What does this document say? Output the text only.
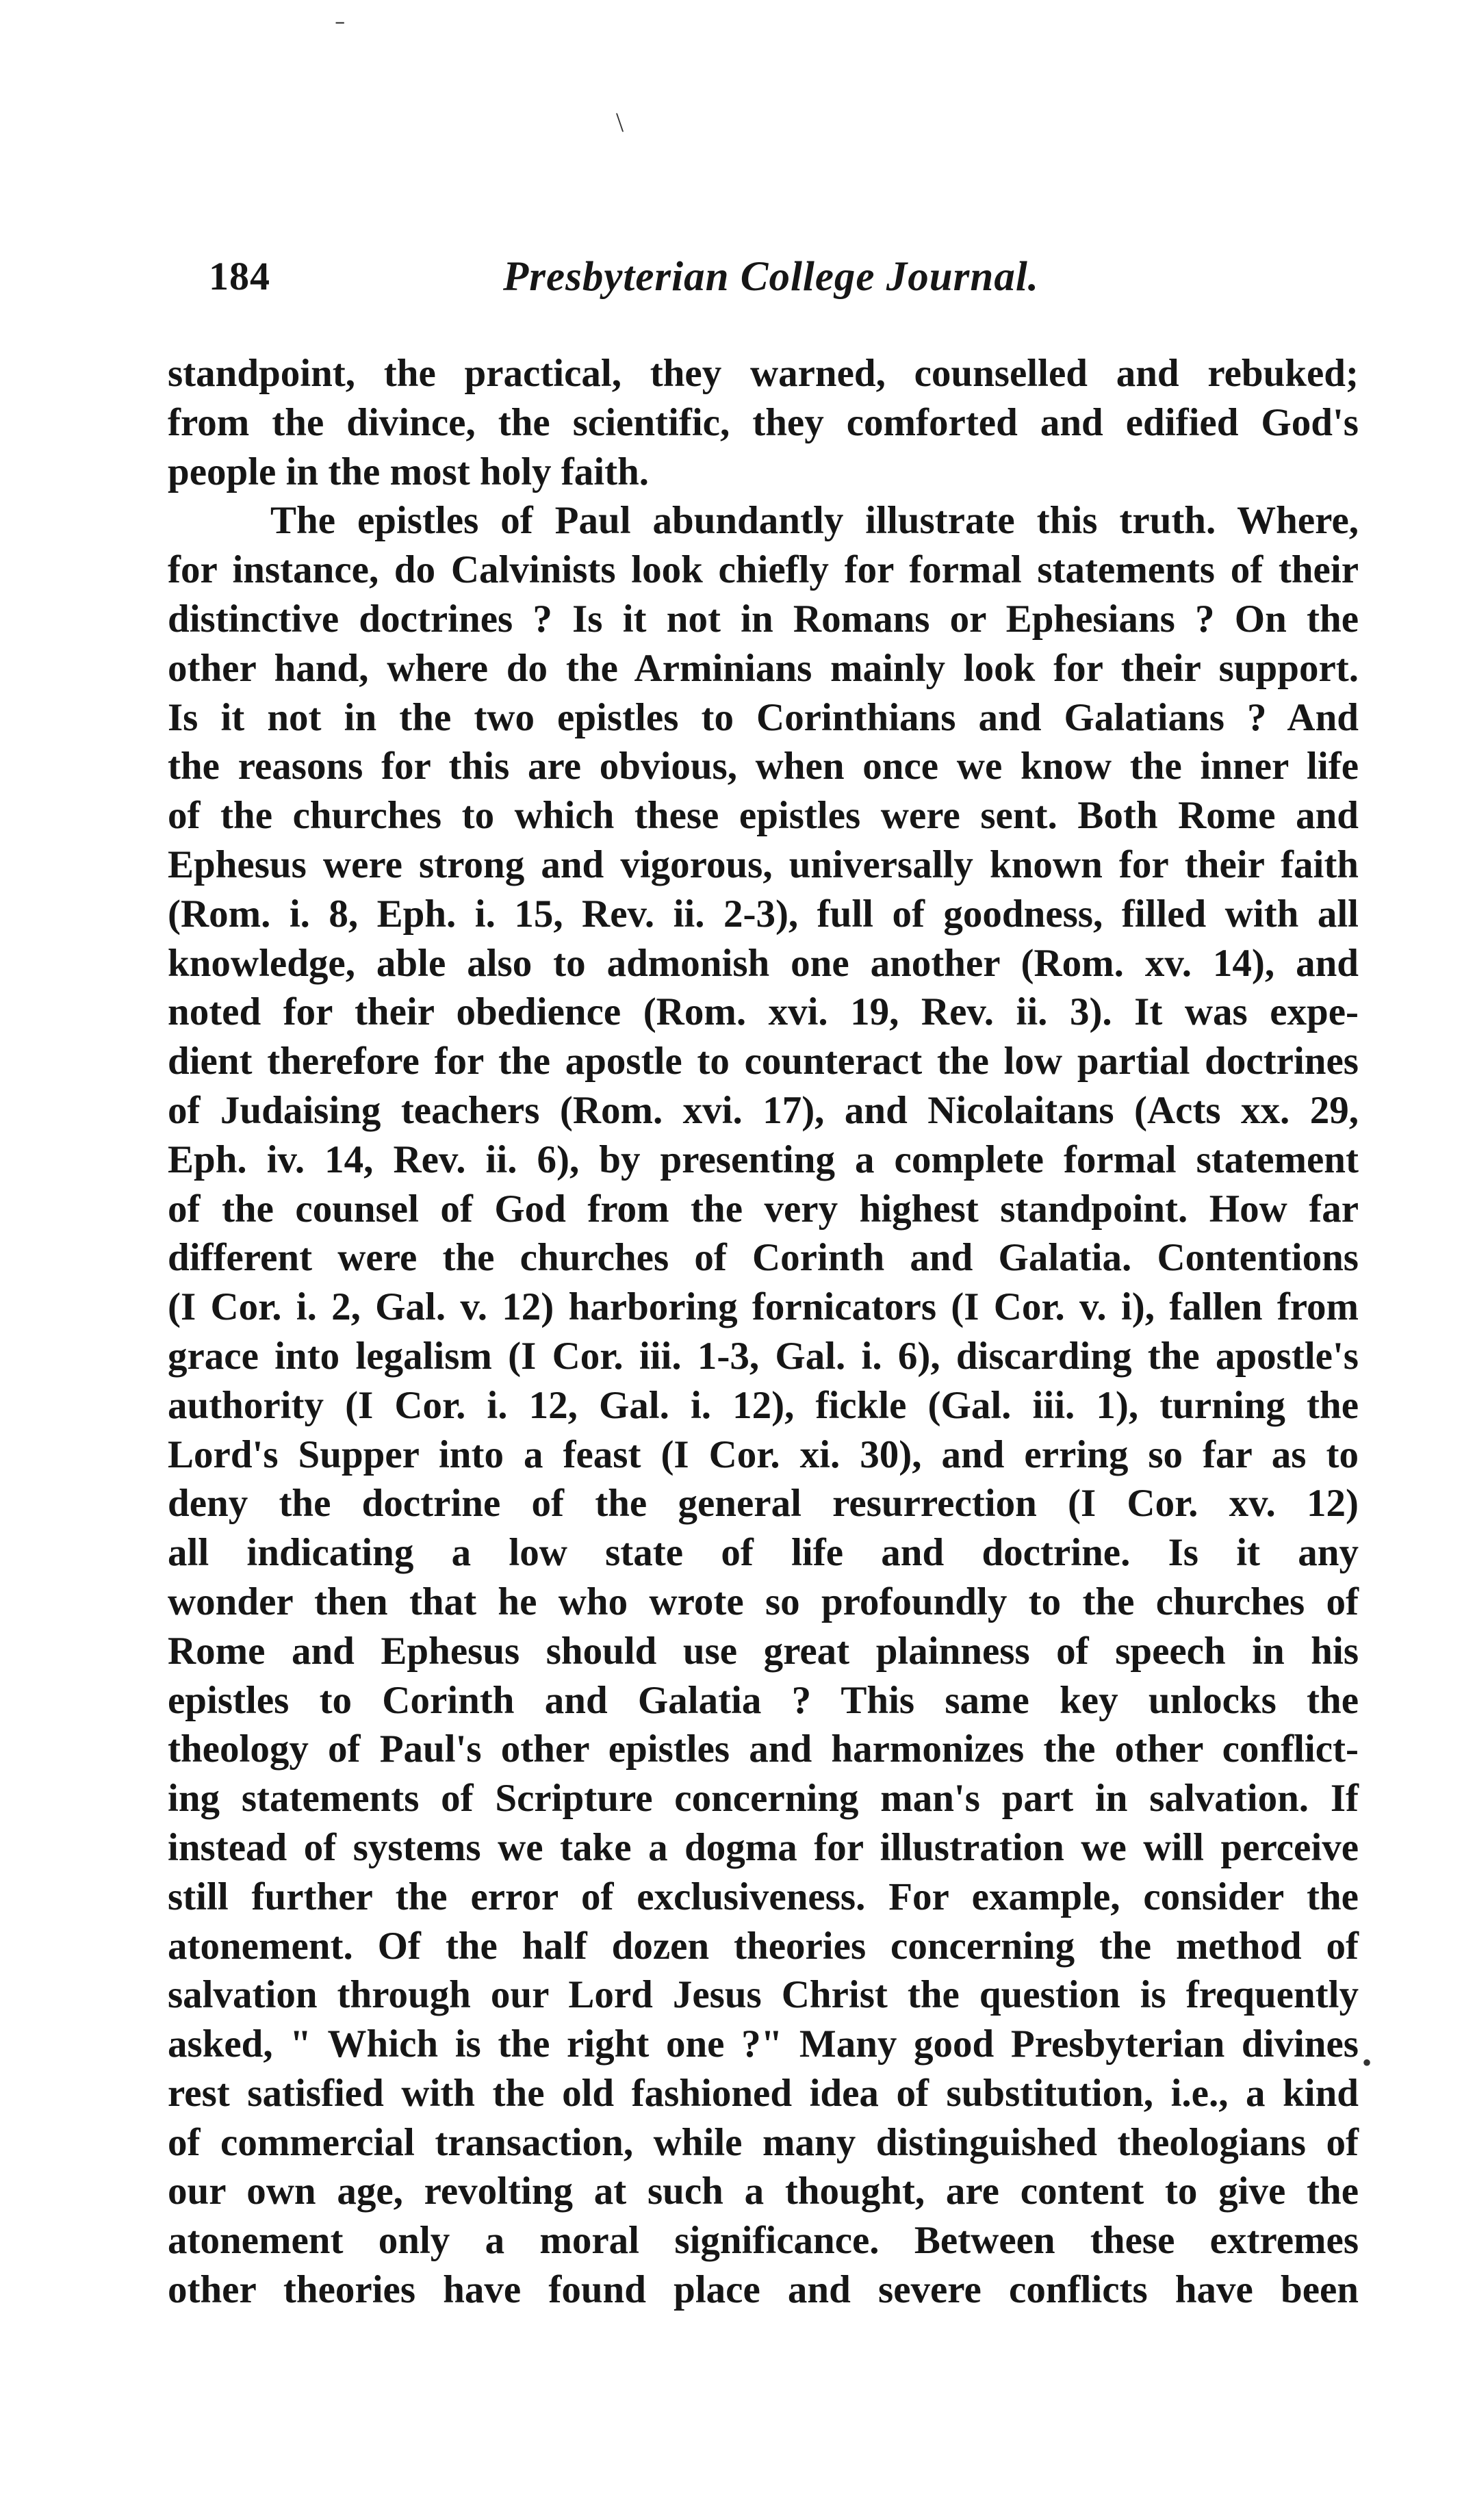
ˉ
\
•
184	Presbyterian College Journal.
standpoint, the practical, they warned, counselled and rebuked;
from the divince, the scientific, they comforted and edified God's
people in the most holy faith.
The epistles of Paul abundantly illustrate this truth. Where,
for instance, do Calvinists look chiefly for formal statements of their
distinctive doctrines ? Is it not in Romans or Ephesians ? On the
other hand, where do the Arminians mainly look for their support.
Is it not in the two epistles to Corinthians and Galatians ? And
the reasons for this are obvious, when once we know the inner life
of the churches to which these epistles were sent. Both Rome and
Ephesus were strong and vigorous, universally known for their faith
(Rom. i. 8, Eph. i. 15, Rev. ii. 2-3), full of goodness, filled with all
knowledge, able also to admonish one another (Rom. xv. 14), and
noted for their obedience (Rom. xvi. 19, Rev. ii. 3). It was expe-
dient therefore for the apostle to counteract the low partial doctrines
of Judaising teachers (Rom. xvi. 17), and Nicolaitans (Acts xx. 29,
Eph. iv. 14, Rev. ii. 6), by presenting a complete formal statement
of the counsel of God from the very highest standpoint. How far
different were the churches of Corinth and Galatia. Contentions
(I Cor. i. 2, Gal. v. 12) harboring fornicators (I Cor. v. i), fallen from
grace into legalism (I Cor. iii. 1-3, Gal. i. 6), discarding the apostle's
authority (I Cor. i. 12, Gal. i. 12), fickle (Gal. iii. 1), turning the
Lord's Supper into a feast (I Cor. xi. 30), and erring so far as to
deny the doctrine of the general resurrection (I Cor. xv. 12)
all indicating a low state of life and doctrine. Is it any
wonder then that he who wrote so profoundly to the churches of
Rome and Ephesus should use great plainness of speech in his
epistles to Corinth and Galatia ? This same key unlocks the
theology of Paul's other epistles and harmonizes the other conflict-
ing statements of Scripture concerning man's part in salvation. If
instead of systems we take a dogma for illustration we will perceive
still further the error of exclusiveness. For example, consider the
atonement. Of the half dozen theories concerning the method of
salvation through our Lord Jesus Christ the question is frequently
asked, " Which is the right one ?" Many good Presbyterian divines
rest satisfied with the old fashioned idea of substitution, i.e., a kind
of commercial transaction, while many distinguished theologians of
our own age, revolting at such a thought, are content to give the
atonement only a moral significance. Between these extremes
other theories have found place and severe conflicts have been
